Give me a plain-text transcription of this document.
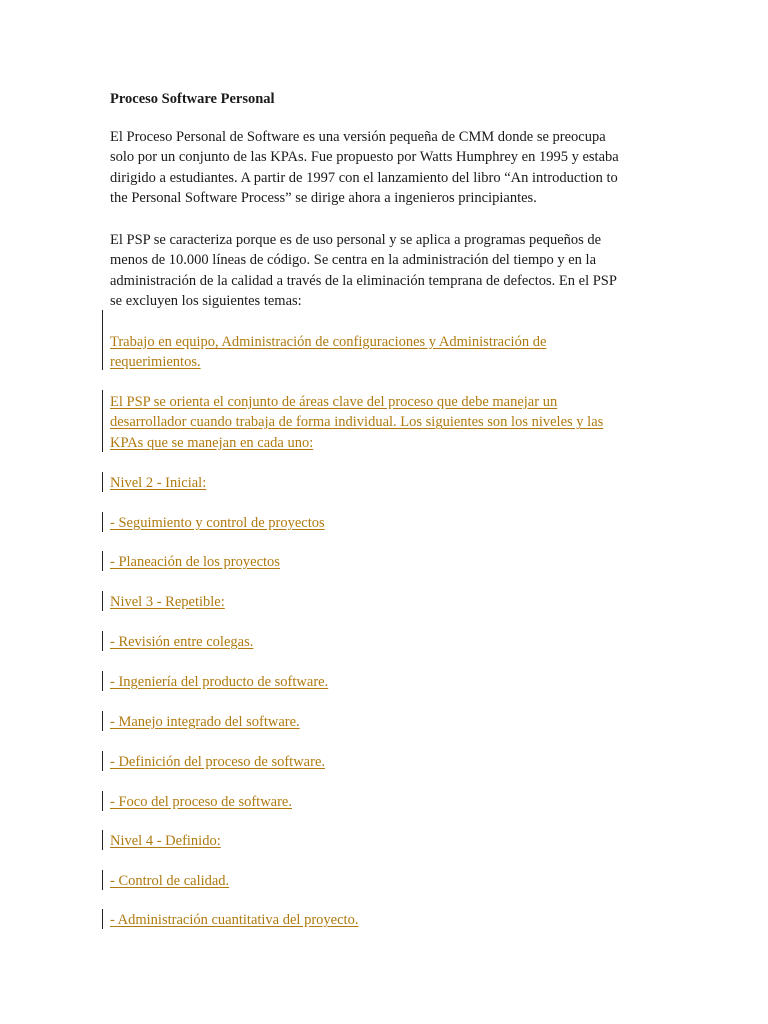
Proceso Software Personal
El Proceso Personal de Software es una versión pequeña de CMM donde se preocupa
solo por un conjunto de las KPAs. Fue propuesto por Watts Humphrey en 1995 y estaba
dirigido a estudiantes. A partir de 1997 con el lanzamiento del libro “An introduction to
the Personal Software Process” se dirige ahora a ingenieros principiantes.
El PSP se caracteriza porque es de uso personal y se aplica a programas pequeños de
menos de 10.000 líneas de código. Se centra en la administración del tiempo y en la
administración de la calidad a través de la eliminación temprana de defectos. En el PSP
se excluyen los siguientes temas:
Trabajo en equipo, Administración de configuraciones y Administración de
requerimientos.
El PSP se orienta el conjunto de áreas clave del proceso que debe manejar un
desarrollador cuando trabaja de forma individual. Los siguientes son los niveles y las
KPAs que se manejan en cada uno:
Nivel 2 - Inicial:
- Seguimiento y control de proyectos
- Planeación de los proyectos
Nivel 3 - Repetible:
- Revisión entre colegas.
- Ingeniería del producto de software.
- Manejo integrado del software.
- Definición del proceso de software.
- Foco del proceso de software.
Nivel 4 - Definido:
- Control de calidad.
- Administración cuantitativa del proyecto.
